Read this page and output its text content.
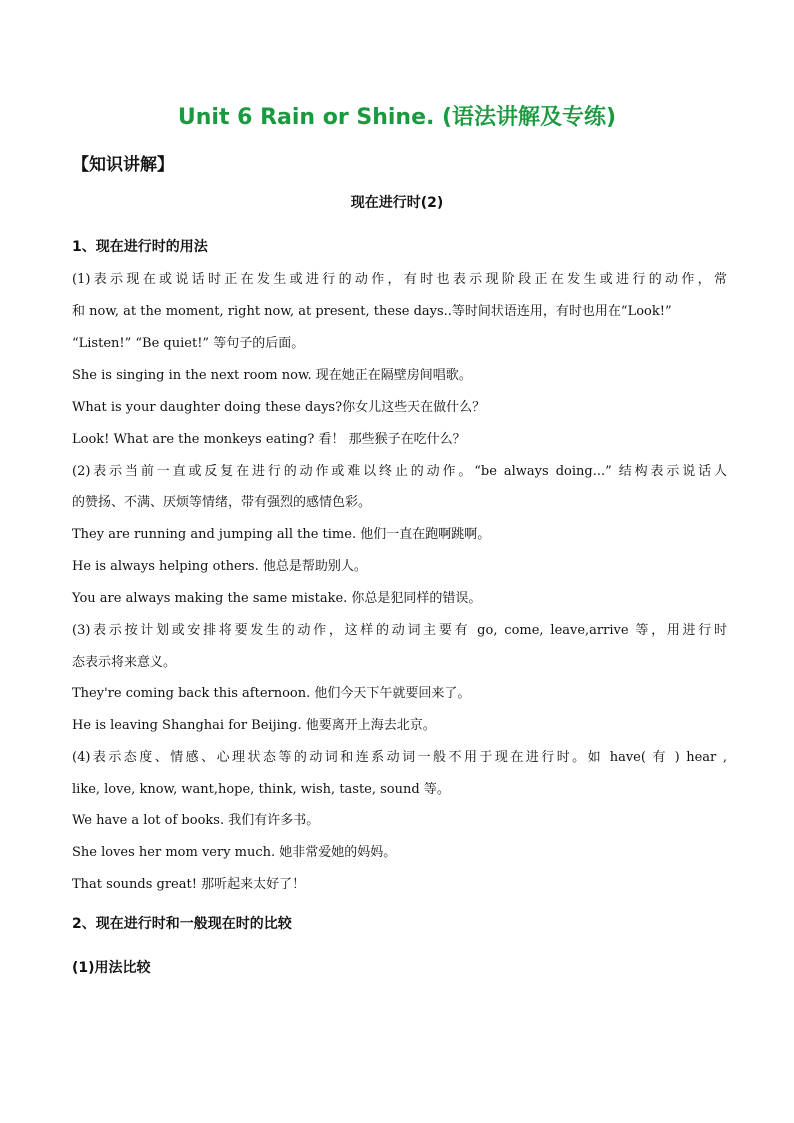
Unit 6 Rain or Shine. (语法讲解及专练)
【知识讲解】
现在进行时(2)
1、现在进行时的用法
(1)表示现在或说话时正在发生或进行的动作，有时也表示现阶段正在发生或进行的动作，常
和 now, at the moment, right now, at present, these days..等时间状语连用，有时也用在“Look!”
“Listen!” “Be quiet!” 等句子的后面。
She is singing in the next room now. 现在她正在隔壁房间唱歌。
What is your daughter doing these days?你女儿这些天在做什么？
Look! What are the monkeys eating? 看！ 那些猴子在吃什么？
(2)表示当前一直或反复在进行的动作或难以终止的动作。“be always doing...” 结构表示说话人
的赞扬、不满、厌烦等情绪，带有强烈的感情色彩。
They are running and jumping all the time. 他们一直在跑啊跳啊。
He is always helping others. 他总是帮助别人。
You are always making the same mistake. 你总是犯同样的错误。
(3)表示按计划或安排将要发生的动作，这样的动词主要有 go, come, leave,arrive 等，用进行时
态表示将来意义。
They're coming back this afternoon. 他们今天下午就要回来了。
He is leaving Shanghai for Beijing. 他要离开上海去北京。
(4)表示态度、情感、心理状态等的动词和连系动词一般不用于现在进行时。如 have( 有 ) hear ,
like, love, know, want,hope, think, wish, taste, sound 等。
We have a lot of books. 我们有许多书。
She loves her mom very much. 她非常爱她的妈妈。
That sounds great! 那听起来太好了！
2、现在进行时和一般现在时的比较
(1)用法比较
